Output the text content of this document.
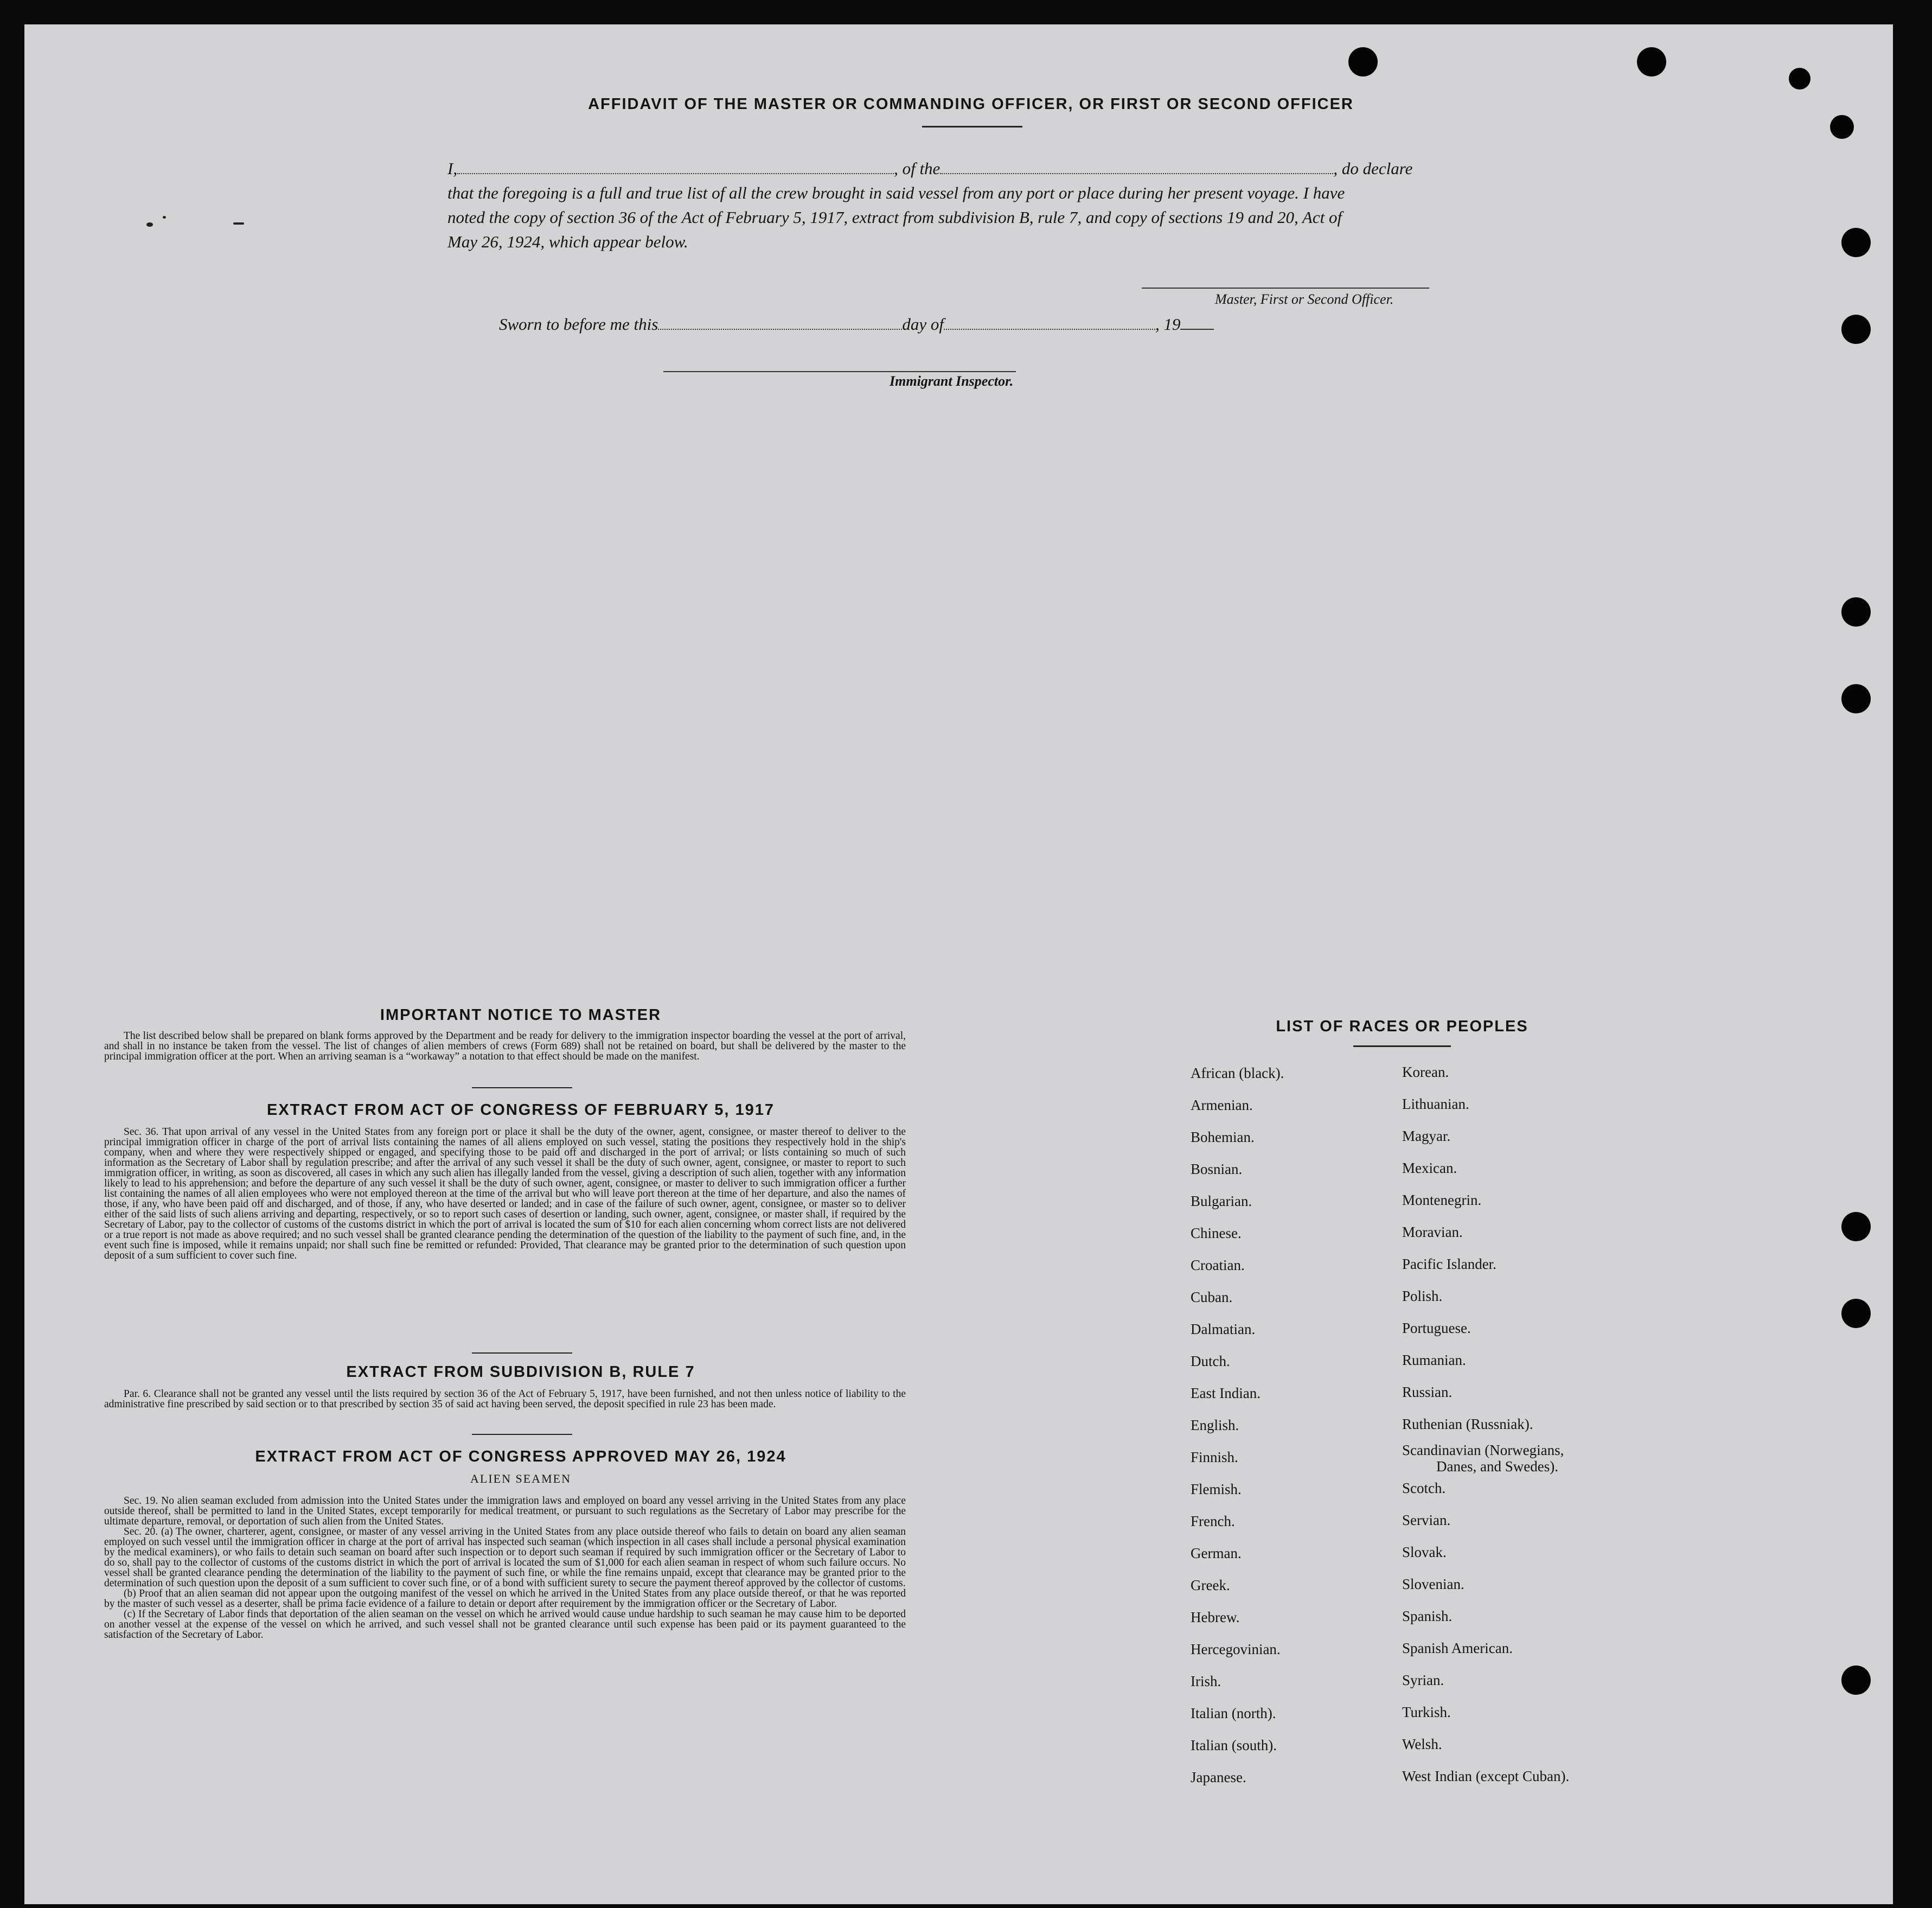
AFFIDAVIT OF THE MASTER OR COMMANDING OFFICER, OR FIRST OR SECOND OFFICER
I,	, of the	, do declare
that the foregoing is a full and true list of all the crew brought in said vessel from any port or place during her present voyage. I have
noted the copy of section 36 of the Act of February 5, 1917, extract from subdivision B, rule 7, and copy of sections 19 and 20, Act of
May 26, 1924, which appear below.
Master, First or Second Officer.
Sworn to before me this	day of	, 19
Immigrant Inspector.
IMPORTANT NOTICE TO MASTER
The list described below shall be prepared on blank forms approved by the Department and be ready for delivery to the immigration inspector boarding the vessel at the port of arrival, and shall in no instance be taken from the vessel. The list of changes of alien members of crews (Form 689) shall not be retained on board, but shall be delivered by the master to the principal immigration officer at the port. When an arriving seaman is a “workaway” a notation to that effect should be made on the manifest.
EXTRACT FROM ACT OF CONGRESS OF FEBRUARY 5, 1917
Sec. 36. That upon arrival of any vessel in the United States from any foreign port or place it shall be the duty of the owner, agent, consignee, or master thereof to deliver to the principal immigration officer in charge of the port of arrival lists containing the names of all aliens employed on such vessel, stating the positions they respectively hold in the ship's company, when and where they were respectively shipped or engaged, and specifying those to be paid off and discharged in the port of arrival; or lists containing so much of such information as the Secretary of Labor shall by regulation prescribe; and after the arrival of any such vessel it shall be the duty of such owner, agent, consignee, or master to report to such immigration officer, in writing, as soon as discovered, all cases in which any such alien has illegally landed from the vessel, giving a description of such alien, together with any information likely to lead to his apprehension; and before the departure of any such vessel it shall be the duty of such owner, agent, consignee, or master to deliver to such immigration officer a further list containing the names of all alien employees who were not employed thereon at the time of the arrival but who will leave port thereon at the time of her departure, and also the names of those, if any, who have been paid off and discharged, and of those, if any, who have deserted or landed; and in case of the failure of such owner, agent, consignee, or master so to deliver either of the said lists of such aliens arriving and departing, respectively, or so to report such cases of desertion or landing, such owner, agent, consignee, or master shall, if required by the Secretary of Labor, pay to the collector of customs of the customs district in which the port of arrival is located the sum of $10 for each alien concerning whom correct lists are not delivered or a true report is not made as above required; and no such vessel shall be granted clearance pending the determination of the question of the liability to the payment of such fine, and, in the event such fine is imposed, while it remains unpaid; nor shall such fine be remitted or refunded: Provided, That clearance may be granted prior to the determination of such question upon deposit of a sum sufficient to cover such fine.
EXTRACT FROM SUBDIVISION B, RULE 7
Par. 6. Clearance shall not be granted any vessel until the lists required by section 36 of the Act of February 5, 1917, have been furnished, and not then unless notice of liability to the administrative fine prescribed by said section or to that prescribed by section 35 of said act having been served, the deposit specified in rule 23 has been made.
EXTRACT FROM ACT OF CONGRESS APPROVED MAY 26, 1924
ALIEN SEAMEN

Sec. 19. No alien seaman excluded from admission into the United States under the immigration laws and employed on board any vessel arriving in the United States from any place outside thereof, shall be permitted to land in the United States, except temporarily for medical treatment, or pursuant to such regulations as the Secretary of Labor may prescribe for the ultimate departure, removal, or deportation of such alien from the United States.

Sec. 20. (a) The owner, charterer, agent, consignee, or master of any vessel arriving in the United States from any place outside thereof who fails to detain on board any alien seaman employed on such vessel until the immigration officer in charge at the port of arrival has inspected such seaman (which inspection in all cases shall include a personal physical examination by the medical examiners), or who fails to detain such seaman on board after such inspection or to deport such seaman if required by such immigration officer or the Secretary of Labor to do so, shall pay to the collector of customs of the customs district in which the port of arrival is located the sum of $1,000 for each alien seaman in respect of whom such failure occurs. No vessel shall be granted clearance pending the determination of the liability to the payment of such fine, or while the fine remains unpaid, except that clearance may be granted prior to the determination of such question upon the deposit of a sum sufficient to cover such fine, or of a bond with sufficient surety to secure the payment thereof approved by the collector of customs.

(b) Proof that an alien seaman did not appear upon the outgoing manifest of the vessel on which he arrived in the United States from any place outside thereof, or that he was reported by the master of such vessel as a deserter, shall be prima facie evidence of a failure to detain or deport after requirement by the immigration officer or the Secretary of Labor.

(c) If the Secretary of Labor finds that deportation of the alien seaman on the vessel on which he arrived would cause undue hardship to such seaman he may cause him to be deported on another vessel at the expense of the vessel on which he arrived, and such vessel shall not be granted clearance until such expense has been paid or its payment guaranteed to the satisfaction of the Secretary of Labor.

LIST OF RACES OR PEOPLES
African (black).
Armenian.
Bohemian.
Bosnian.
Bulgarian.
Chinese.
Croatian.
Cuban.
Dalmatian.
Dutch.
East Indian.
English.
Finnish.
Flemish.
French.
German.
Greek.
Hebrew.
Hercegovinian.
Irish.
Italian (north).
Italian (south).
Japanese.
Korean.
Lithuanian.
Magyar.
Mexican.
Montenegrin.
Moravian.
Pacific Islander.
Polish.
Portuguese.
Rumanian.
Russian.
Ruthenian (Russniak).
Scandinavian (Norwegians,
Danes, and Swedes).
Scotch.
Servian.
Slovak.
Slovenian.
Spanish.
Spanish American.
Syrian.
Turkish.
Welsh.
West Indian (except Cuban).
